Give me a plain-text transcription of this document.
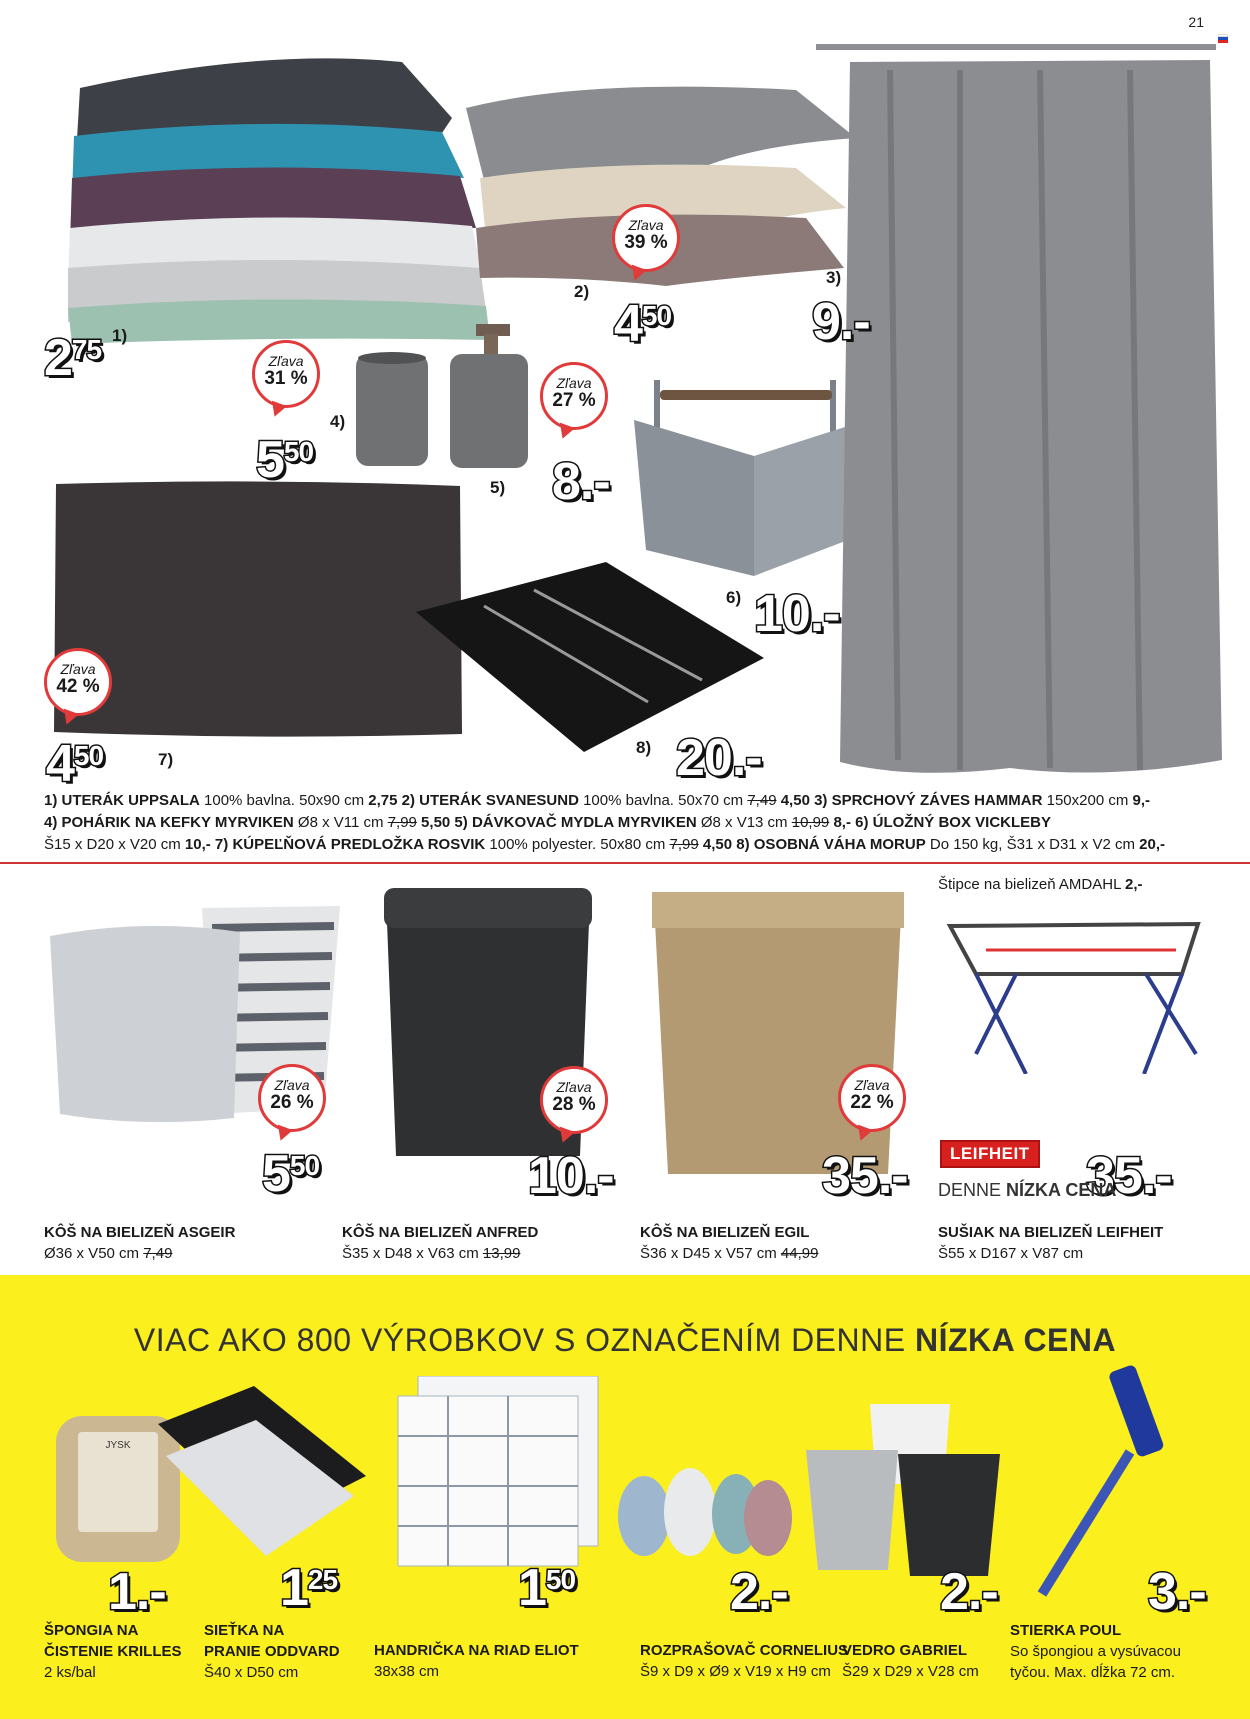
21
Zľava
39 %
Zľava
31 %	Zľava
27 %
Zľava
42 %
$2^{75}$ 1)	$4^{50}$
2)
9.-
3)
$5^{50}$
4)
8.-
5)
10.-
6)
$4^{50}$	7)	20.-
8)
1) UTERÁK UPPSALA 100% bavlna. 50x90 cm 2,75 2) UTERÁK SVANESUND 100% bavlna. 50x70 cm 7,49 4,50 3) SPRCHOVÝ ZÁVES HAMMAR 150x200 cm 9,-
4) POHÁRIK NA KEFKY MYRVIKEN Ø8 x V11 cm 7,99 5,50 5) DÁVKOVAČ MYDLA MYRVIKEN Ø8 x V13 cm 10,99 8,- 6) ÚLOŽNÝ BOX VICKLEBY
Š15 x D20 x V20 cm 10,- 7) KÚPEĽŇOVÁ PREDLOŽKA ROSVIK 100% polyester. 50x80 cm 7,99 4,50 8) OSOBNÁ VÁHA MORUP Do 150 kg, Š31 x D31 x V2 cm 20,-
Štipce na bielizeň AMDAHL 2,-
Zľava
26 %
Zľava
28 %
Zľava
22 %
$5^{50}$	10.-	35.-	35.-
LEIFHEIT
DENNE NÍZKA CENA
KÔŠ NA BIELIZEŇ ASGEIR
Ø36 x V50 cm 7,49
KÔŠ NA BIELIZEŇ ANFRED
Š35 x D48 x V63 cm 13,99
KÔŠ NA BIELIZEŇ EGIL
Š36 x D45 x V57 cm 44,99
SUŠIAK NA BIELIZEŇ LEIFHEIT
Š55 x D167 x V87 cm
VIAC AKO 800 VÝROBKOV S OZNAČENÍM DENNE NÍZKA CENA
JYSK
1.- $1^{25}$	$1^{50}$	2.-	2.-	3.-
ŠPONGIA NA
ČISTENIE KRILLES
2 ks/bal
SIEŤKA NA
PRANIE ODDVARD
Š40 x D50 cm
HANDRIČKA NA RIAD ELIOT
38x38 cm
ROZPRAŠOVAČ CORNELIUS
Š9 x D9 x Ø9 x V19 x H9 cm
VEDRO GABRIEL
Š29 x D29 x V28 cm
STIERKA POUL
So špongiou a vysúvacou
tyčou. Max. dĺžka 72 cm.
